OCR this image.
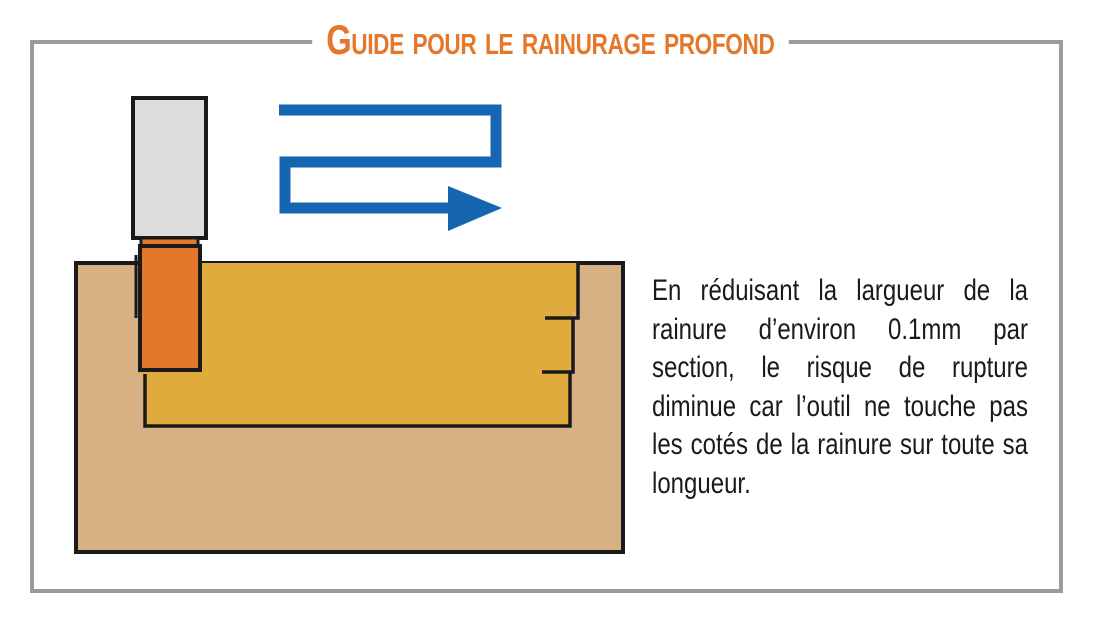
Guide pour le rainurage profond
En réduisant la largueur de la rainure d’environ 0.1mm par section, le risque de rupture diminue car l’outil ne touche pas les cotés de la rainure sur toute sa longueur.
